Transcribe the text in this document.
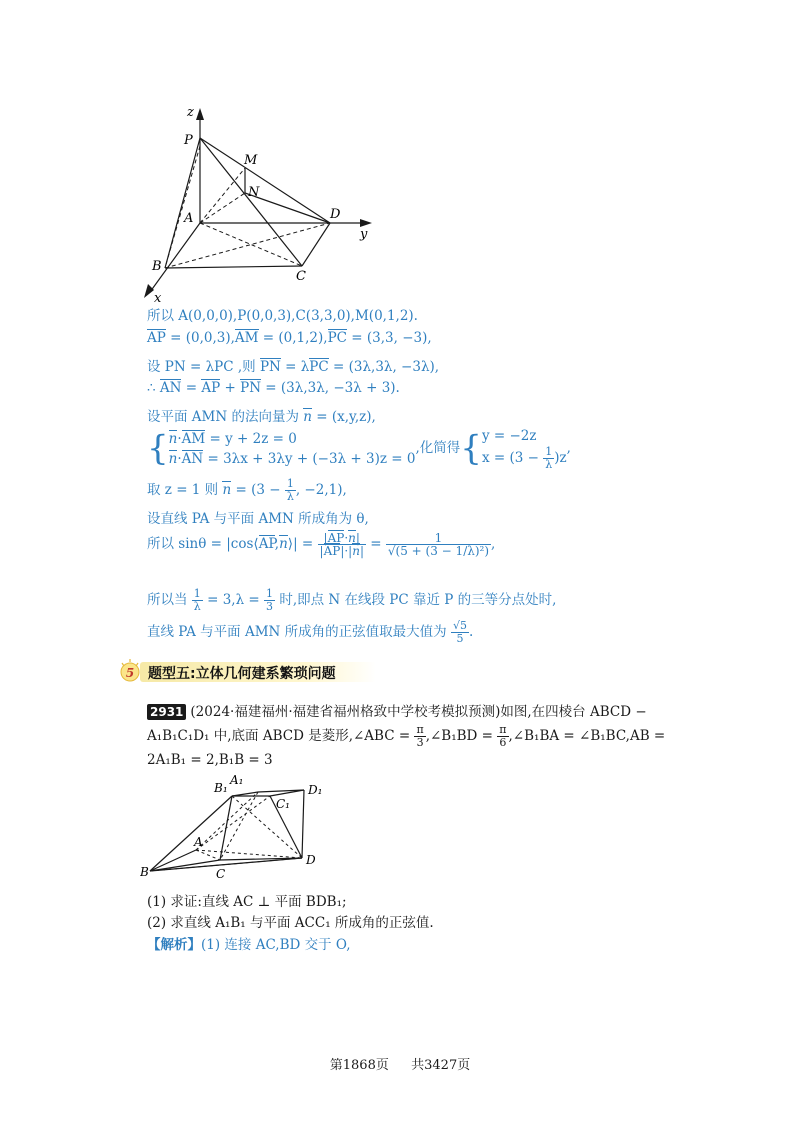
z
P
M
N
A	D
y
B
C
x
所以 A(0,0,0),P(0,0,3),C(3,3,0),M(0,1,2).
AP = (0,0,3),AM = (0,1,2),PC = (3,3, −3),
设 PN = λPC ,则 PN = λPC = (3λ,3λ, −3λ),
∴ AN = AP + PN = (3λ,3λ, −3λ + 3).
设平面 AMN 的法向量为 n = (x,y,z),
{ n·AM = y + 2z = 0
n·AN = 3λx + 3λy + (−3λ + 3)z = 0
,化简得{ y = −2z
$x = (3 - \frac{1}{\lambda} )z$
,
取 z = 1 则 $n = (3 - \frac{1}{\lambda}$ , −2,1),
设直线 PA 与平面 AMN 所成角为 θ,
所以 sinθ = |cos⟨AP,n⟩| = $\frac{|AP\cdot n|}{|AP|\cdot|n|} = \frac{1}{\text{√(5 + (3 − 1/λ)²)}}$ ,
所以当 $\frac{1}{\lambda} = 3,\lambda = \frac{1}{3}$ 时,即点 N 在线段 PC 靠近 P 的三等分点处时,
直线 PA 与平面 AMN 所成角的正弦值取最大值为 $\frac{√5}{5}$ .
5 题型五:立体几何建系繁琐问题
2931 (2024·福建福州·福建省福州格致中学校考模拟预测)如图,在四棱台 ABCD −
A₁B₁C₁D₁ 中,底面 ABCD 是菱形,∠ABC = $\frac{\pi}{3}$ ,∠B₁BD = $\frac{\pi}{6}$ ,∠B₁BA = ∠B₁BC,AB =
2A₁B₁ = 2,B₁B = 3
A₁
B₁
C₁
D₁
A
B	C
D
(1) 求证:直线 AC ⊥ 平面 BDB₁;
(2) 求直线 A₁B₁ 与平面 ACC₁ 所成角的正弦值.
【解析】(1) 连接 AC,BD 交于 O,
第1868页 共3427页
